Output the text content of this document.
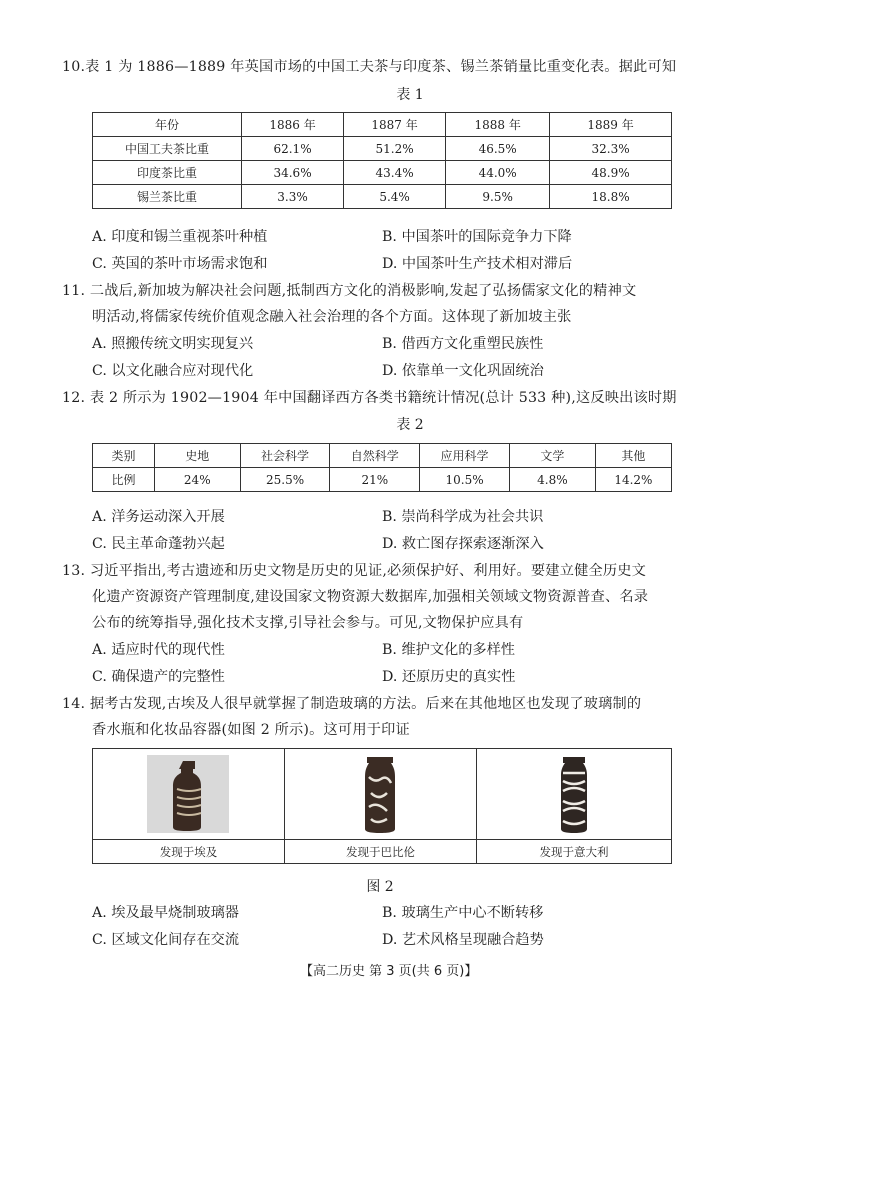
10.表 1 为 1886—1889 年英国市场的中国工夫茶与印度茶、锡兰茶销量比重变化表。据此可知
表 1
年份	1886 年	1887 年	1888 年	1889 年
中国工夫茶比重	62.1%	51.2%	46.5%	32.3%
印度茶比重	34.6%	43.4%	44.0%	48.9%
锡兰茶比重	3.3%	5.4%	9.5%	18.8%
A. 印度和锡兰重视茶叶种植	B. 中国茶叶的国际竞争力下降
C. 英国的茶叶市场需求饱和	D. 中国茶叶生产技术相对滞后
11. 二战后,新加坡为解决社会问题,抵制西方文化的消极影响,发起了弘扬儒家文化的精神文
明活动,将儒家传统价值观念融入社会治理的各个方面。这体现了新加坡主张
A. 照搬传统文明实现复兴	B. 借西方文化重塑民族性
C. 以文化融合应对现代化	D. 依靠单一文化巩固统治
12. 表 2 所示为 1902—1904 年中国翻译西方各类书籍统计情况(总计 533 种),这反映出该时期
表 2
类别	史地	社会科学	自然科学	应用科学	文学	其他
比例	24%	25.5%	21%	10.5%	4.8%	14.2%
A. 洋务运动深入开展	B. 崇尚科学成为社会共识
C. 民主革命蓬勃兴起	D. 救亡图存探索逐渐深入
13. 习近平指出,考古遗迹和历史文物是历史的见证,必须保护好、利用好。要建立健全历史文
化遗产资源资产管理制度,建设国家文物资源大数据库,加强相关领域文物资源普查、名录
公布的统筹指导,强化技术支撑,引导社会参与。可见,文物保护应具有
A. 适应时代的现代性	B. 维护文化的多样性
C. 确保遗产的完整性	D. 还原历史的真实性
14. 据考古发现,古埃及人很早就掌握了制造玻璃的方法。后来在其他地区也发现了玻璃制的
香水瓶和化妆品容器(如图 2 所示)。这可用于印证
发现于埃及	发现于巴比伦	发现于意大利
图 2
A. 埃及最早烧制玻璃器	B. 玻璃生产中心不断转移
C. 区域文化间存在交流	D. 艺术风格呈现融合趋势
【高二历史 第 3 页(共 6 页)】
